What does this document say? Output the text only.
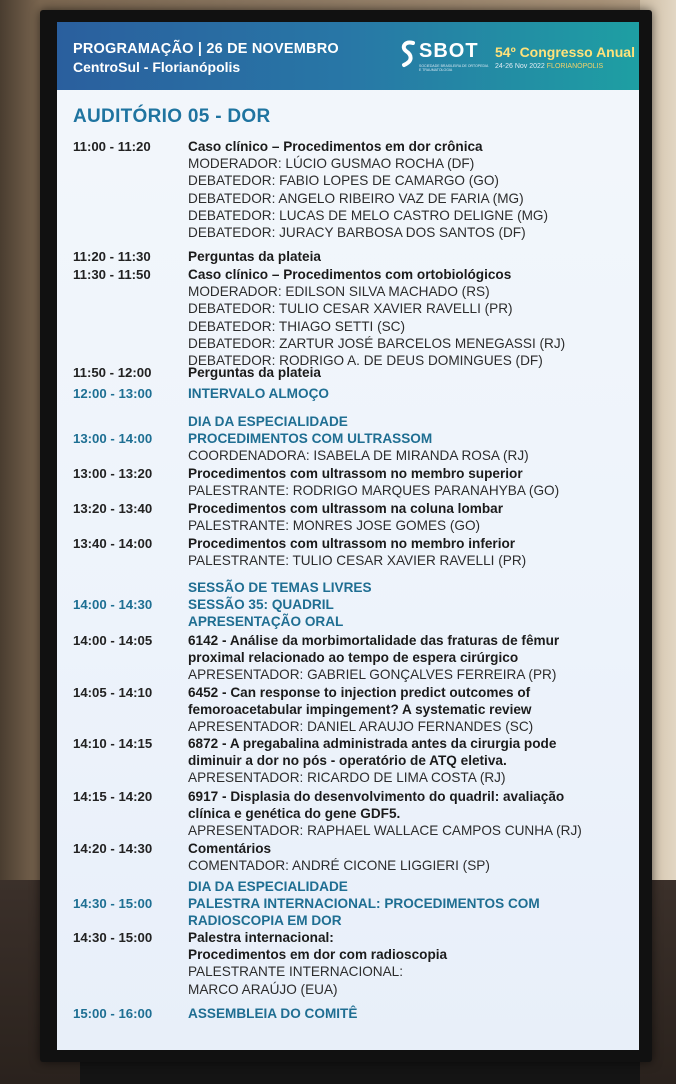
PROGRAMAÇÃO | 26 DE NOVEMBRO
CentroSul - Florianópolis
SBOT
SOCIEDADE BRASILEIRA DE ORTOPEDIA E TRAUMATOLOGIA
54º Congresso Anual
24-26 Nov 2022 FLORIANÓPOLIS
AUDITÓRIO 05 - DOR
11:00 - 11:20	Caso clínico – Procedimentos em dor crônica
MODERADOR: LÚCIO GUSMAO ROCHA (DF)
DEBATEDOR: FABIO LOPES DE CAMARGO (GO)
DEBATEDOR: ANGELO RIBEIRO VAZ DE FARIA (MG)
DEBATEDOR: LUCAS DE MELO CASTRO DELIGNE (MG)
DEBATEDOR: JURACY BARBOSA DOS SANTOS (DF)
11:20 - 11:30	Perguntas da plateia
11:30 - 11:50	Caso clínico – Procedimentos com ortobiológicos
MODERADOR: EDILSON SILVA MACHADO (RS)
DEBATEDOR: TULIO CESAR XAVIER RAVELLI (PR)
DEBATEDOR: THIAGO SETTI (SC)
DEBATEDOR: ZARTUR JOSÉ BARCELOS MENEGASSI (RJ)
DEBATEDOR: RODRIGO A. DE DEUS DOMINGUES (DF)
11:50 - 12:00	Perguntas da plateia
12:00 - 13:00	INTERVALO ALMOÇO
DIA DA ESPECIALIDADE
13:00 - 14:00	PROCEDIMENTOS COM ULTRASSOM
COORDENADORA: ISABELA DE MIRANDA ROSA (RJ)
13:00 - 13:20	Procedimentos com ultrassom no membro superior
PALESTRANTE: RODRIGO MARQUES PARANAHYBA (GO)
13:20 - 13:40	Procedimentos com ultrassom na coluna lombar
PALESTRANTE: MONRES JOSE GOMES (GO)
13:40 - 14:00	Procedimentos com ultrassom no membro inferior
PALESTRANTE: TULIO CESAR XAVIER RAVELLI (PR)
SESSÃO DE TEMAS LIVRES
14:00 - 14:30	SESSÃO 35: QUADRIL
APRESENTAÇÃO ORAL
14:00 - 14:05	6142 - Análise da morbimortalidade das fraturas de fêmur
proximal relacionado ao tempo de espera cirúrgico
APRESENTADOR: GABRIEL GONÇALVES FERREIRA (PR)
14:05 - 14:10	6452 - Can response to injection predict outcomes of
femoroacetabular impingement? A systematic review
APRESENTADOR: DANIEL ARAUJO FERNANDES (SC)
14:10 - 14:15	6872 - A pregabalina administrada antes da cirurgia pode
diminuir a dor no pós - operatório de ATQ eletiva.
APRESENTADOR: RICARDO DE LIMA COSTA (RJ)
14:15 - 14:20	6917 - Displasia do desenvolvimento do quadril: avaliação
clínica e genética do gene GDF5.
APRESENTADOR: RAPHAEL WALLACE CAMPOS CUNHA (RJ)
14:20 - 14:30	Comentários
COMENTADOR: ANDRÉ CICONE LIGGIERI (SP)
DIA DA ESPECIALIDADE
14:30 - 15:00	PALESTRA INTERNACIONAL: PROCEDIMENTOS COM
RADIOSCOPIA EM DOR
14:30 - 15:00	Palestra internacional:
Procedimentos em dor com radioscopia
PALESTRANTE INTERNACIONAL:
MARCO ARAÚJO (EUA)
15:00 - 16:00	ASSEMBLEIA DO COMITÊ
